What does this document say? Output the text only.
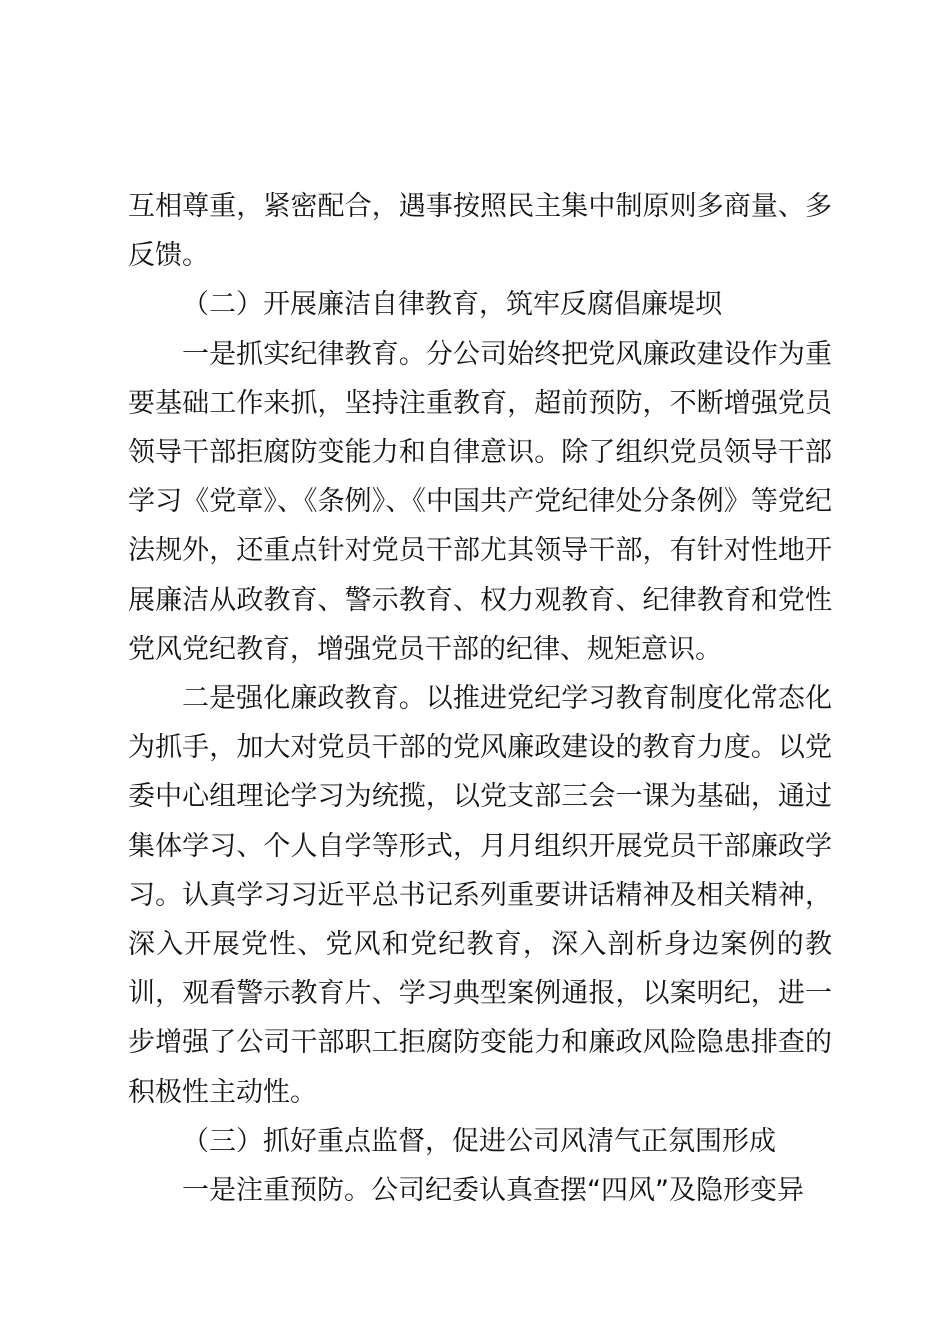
互相尊重，紧密配合，遇事按照民主集中制原则多商量、多反馈。

（二）开展廉洁自律教育，筑牢反腐倡廉堤坝

一是抓实纪律教育。分公司始终把党风廉政建设作为重要基础工作来抓，坚持注重教育，超前预防，不断增强党员领导干部拒腐防变能力和自律意识。除了组织党员领导干部学习《党章》、《条例》、《中国共产党纪律处分条例》等党纪法规外，还重点针对党员干部尤其领导干部，有针对性地开展廉洁从政教育、警示教育、权力观教育、纪律教育和党性党风党纪教育，增强党员干部的纪律、规矩意识。

二是强化廉政教育。以推进党纪学习教育制度化常态化为抓手，加大对党员干部的党风廉政建设的教育力度。以党委中心组理论学习为统揽，以党支部三会一课为基础，通过集体学习、个人自学等形式，月月组织开展党员干部廉政学习。认真学习习近平总书记系列重要讲话精神及相关精神，深入开展党性、党风和党纪教育，深入剖析身边案例的教训，观看警示教育片、学习典型案例通报，以案明纪，进一步增强了公司干部职工拒腐防变能力和廉政风险隐患排查的积极性主动性。

（三）抓好重点监督，促进公司风清气正氛围形成

一是注重预防。公司纪委认真查摆“四风”及隐形变异
